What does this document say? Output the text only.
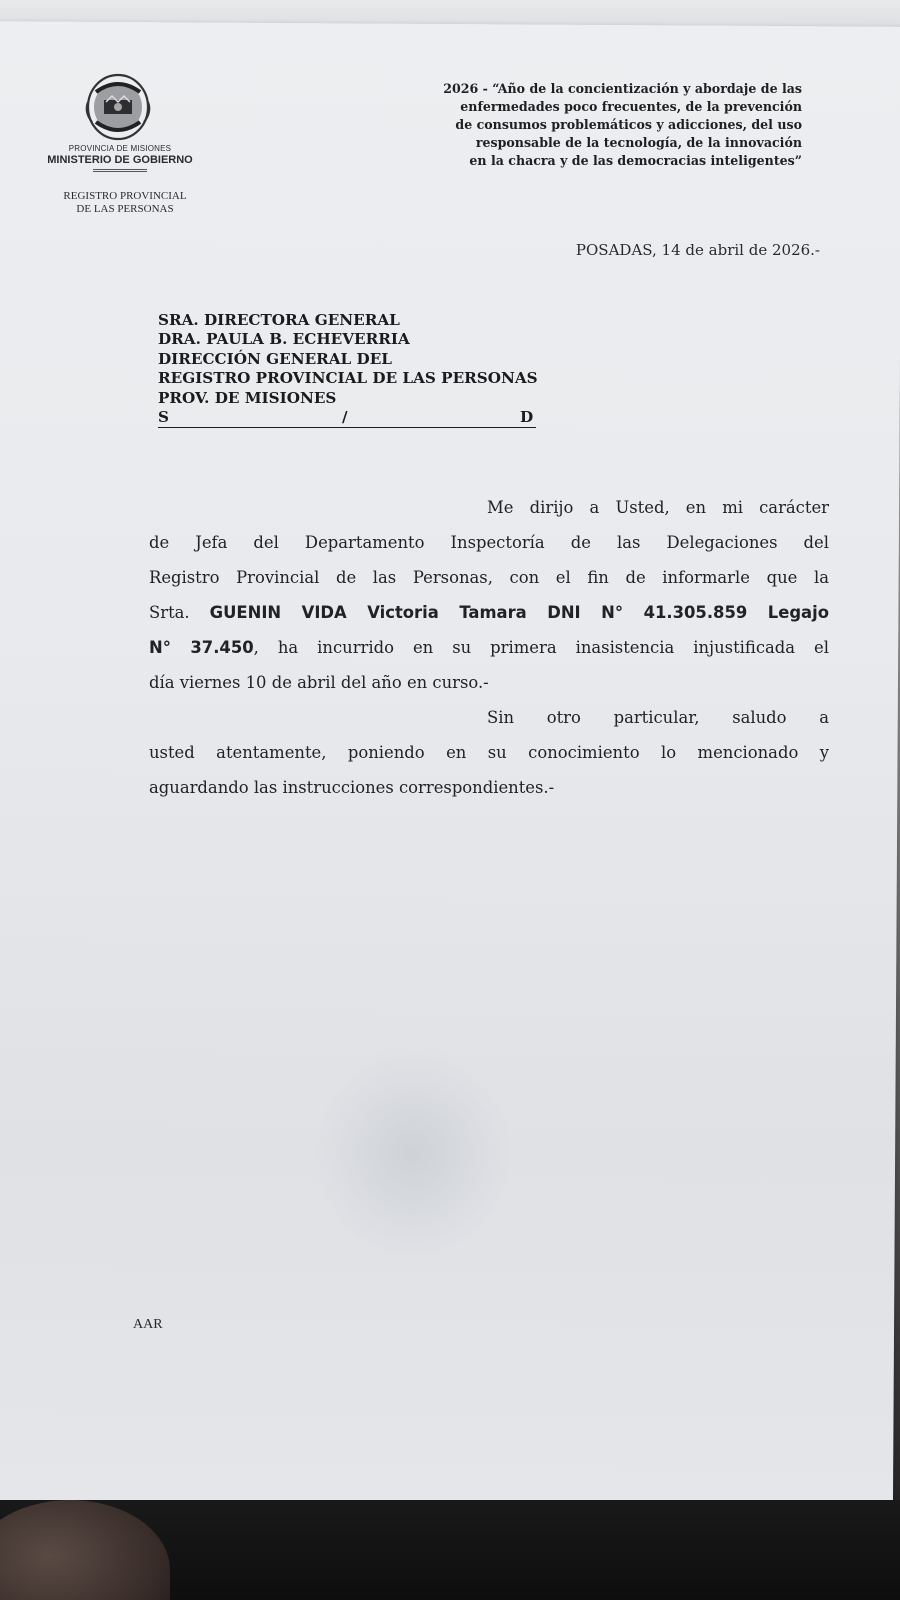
PROVINCIA DE MISIONES
MINISTERIO DE GOBIERNO
REGISTRO PROVINCIAL
DE LAS PERSONAS
2026 - “Año de la concientización y abordaje de las
enfermedades poco frecuentes, de la prevención
de consumos problemáticos y adicciones, del uso
responsable de la tecnología, de la innovación
en la chacra y de las democracias inteligentes”
POSADAS, 14 de abril de 2026.-
SRA. DIRECTORA GENERAL
DRA. PAULA B. ECHEVERRIA
DIRECCIÓN GENERAL DEL
REGISTRO PROVINCIAL DE LAS PERSONAS
PROV. DE MISIONES
S	/	D
Me dirijo a Usted, en mi carácter
de Jefa del Departamento Inspectoría de las Delegaciones del
Registro Provincial de las Personas, con el fin de informarle que la
Srta. GUENIN VIDA Victoria Tamara DNI N° 41.305.859 Legajo
N° 37.450, ha incurrido en su primera inasistencia injustificada el
día viernes 10 de abril del año en curso.-
Sin otro particular, saludo a
usted atentamente, poniendo en su conocimiento lo mencionado y
aguardando las instrucciones correspondientes.-
AAR
